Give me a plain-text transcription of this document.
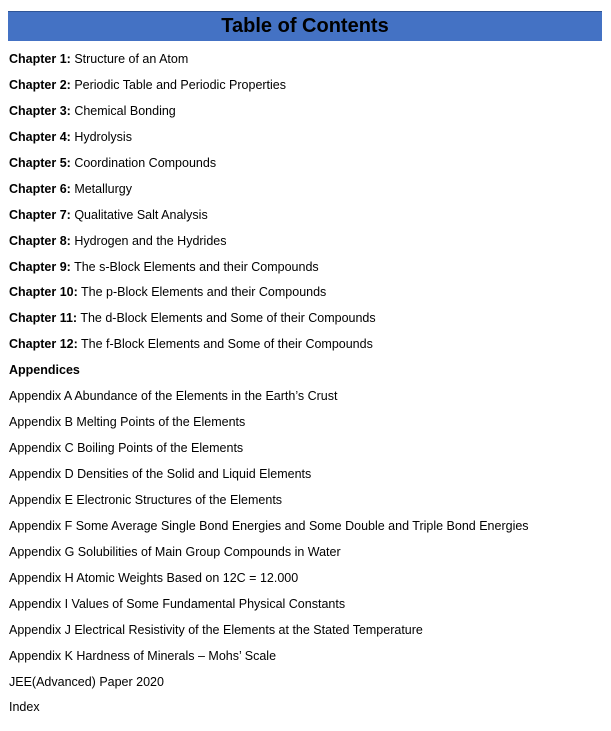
Table of Contents
Chapter 1: Structure of an Atom
Chapter 2: Periodic Table and Periodic Properties
Chapter 3: Chemical Bonding
Chapter 4: Hydrolysis
Chapter 5: Coordination Compounds
Chapter 6: Metallurgy
Chapter 7: Qualitative Salt Analysis
Chapter 8: Hydrogen and the Hydrides
Chapter 9: The s-Block Elements and their Compounds
Chapter 10: The p-Block Elements and their Compounds
Chapter 11: The d-Block Elements and Some of their Compounds
Chapter 12: The f-Block Elements and Some of their Compounds
Appendices
Appendix A Abundance of the Elements in the Earth’s Crust
Appendix B Melting Points of the Elements
Appendix C Boiling Points of the Elements
Appendix D Densities of the Solid and Liquid Elements
Appendix E Electronic Structures of the Elements
Appendix F Some Average Single Bond Energies and Some Double and Triple Bond Energies
Appendix G Solubilities of Main Group Compounds in Water
Appendix H Atomic Weights Based on 12C = 12.000
Appendix I Values of Some Fundamental Physical Constants
Appendix J Electrical Resistivity of the Elements at the Stated Temperature
Appendix K Hardness of Minerals – Mohs’ Scale
JEE(Advanced) Paper 2020
Index
